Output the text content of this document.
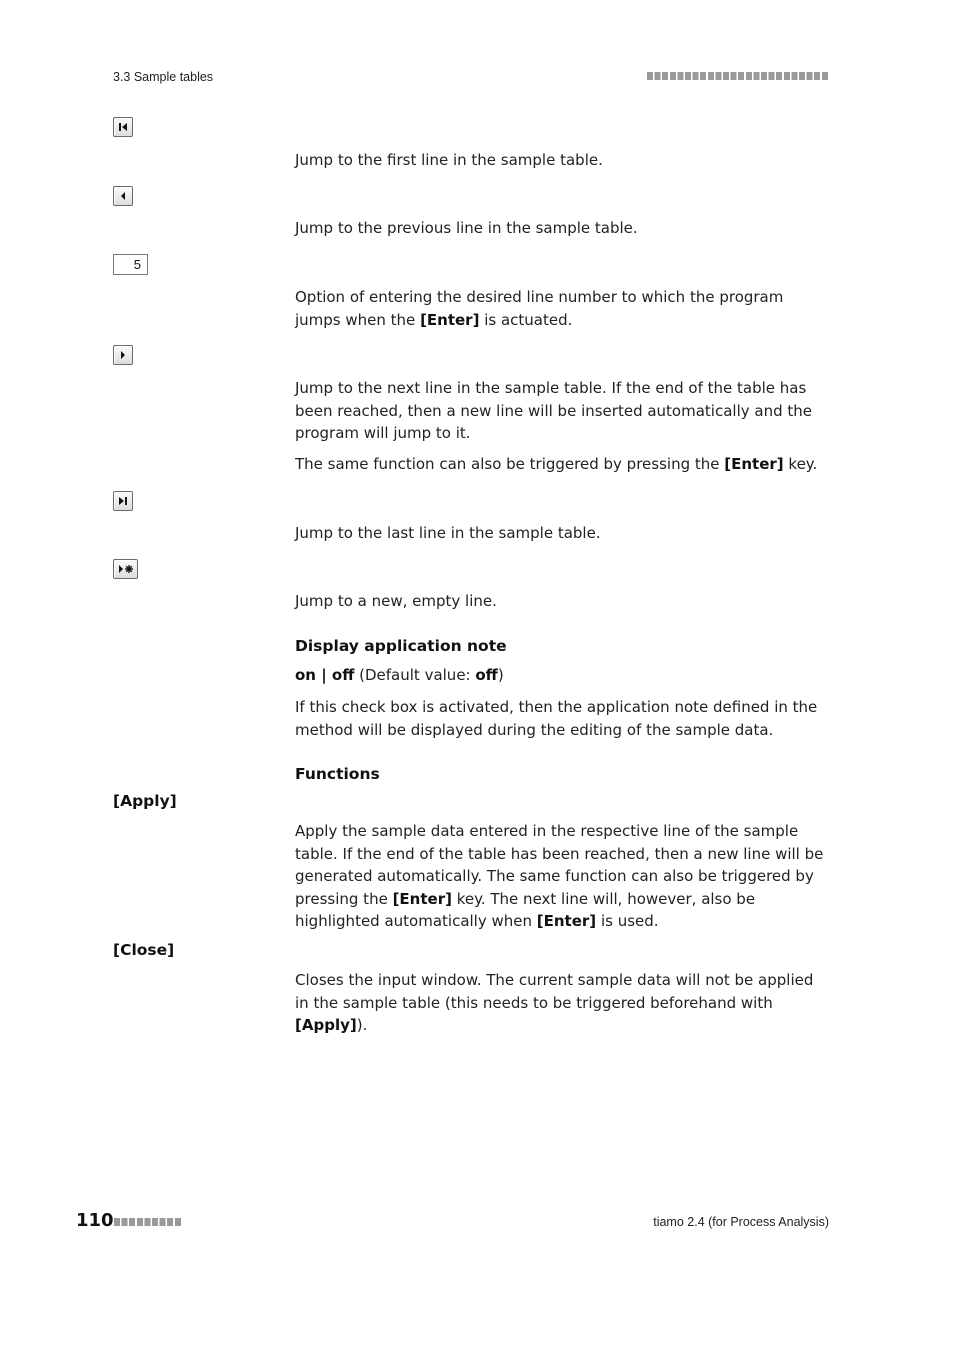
3.3 Sample tables
Jump to the first line in the sample table.
Jump to the previous line in the sample table.
5
Option of entering the desired line number to which the program jumps when the [Enter] is actuated.
Jump to the next line in the sample table. If the end of the table has been reached, then a new line will be inserted automatically and the program will jump to it.
The same function can also be triggered by pressing the [Enter] key.
Jump to the last line in the sample table.
Jump to a new, empty line.
Display application note
on | off (Default value: off)
If this check box is activated, then the application note defined in the method will be displayed during the editing of the sample data.
Functions
[Apply]
Apply the sample data entered in the respective line of the sample table. If the end of the table has been reached, then a new line will be generated automatically. The same function can also be triggered by pressing the [Enter] key. The next line will, however, also be highlighted automatically when [Enter] is used.
[Close]
Closes the input window. The current sample data will not be applied in the sample table (this needs to be triggered beforehand with [Apply]).
110	tiamo 2.4 (for Process Analysis)
